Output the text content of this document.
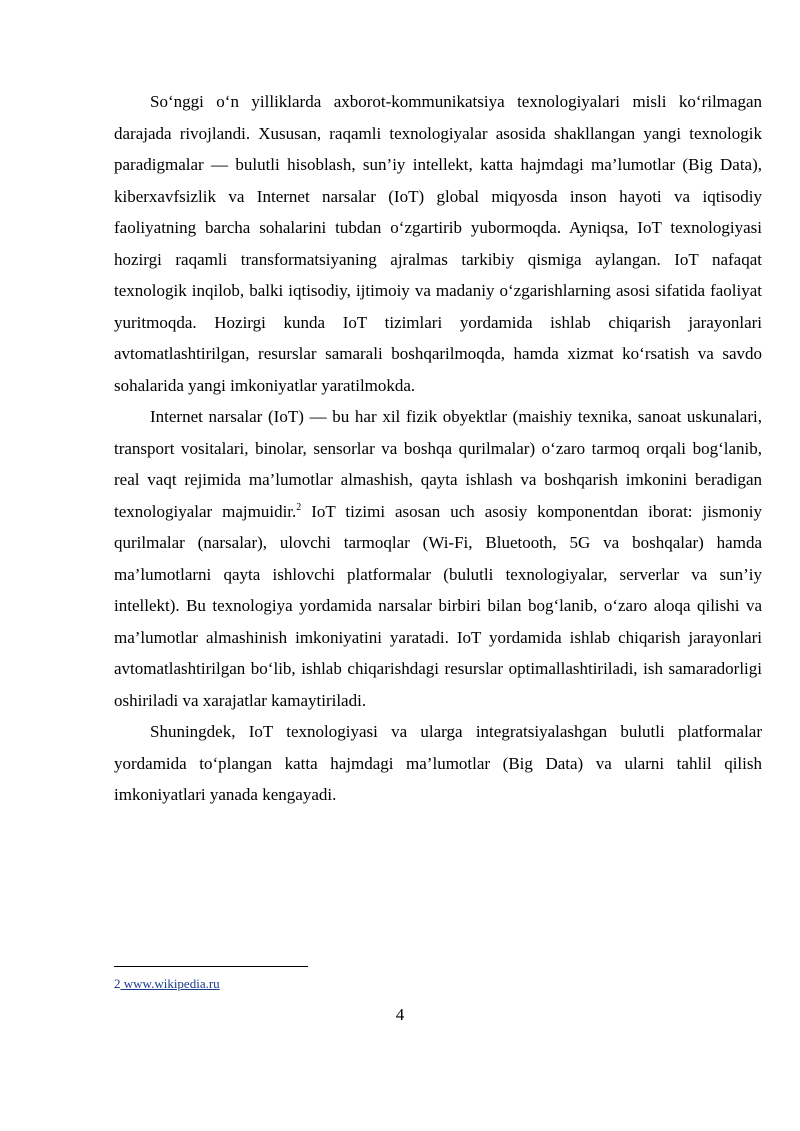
So‘nggi o‘n yilliklarda axborot-kommunikatsiya texnologiyalari misli ko‘rilmagan darajada rivojlandi. Xususan, raqamli texnologiyalar asosida shakllangan yangi texnologik paradigmalar — bulutli hisoblash, sun’iy intellekt, katta hajmdagi ma’lumotlar (Big Data), kiberxavfsizlik va Internet narsalar (IoT) global miqyosda inson hayoti va iqtisodiy faoliyatning barcha sohalarini tubdan o‘zgartirib yubormoqda. Ayniqsa, IoT texnologiyasi hozirgi raqamli transformatsiyaning ajralmas tarkibiy qismiga aylangan. IoT nafaqat texnologik inqilob, balki iqtisodiy, ijtimoiy va madaniy o‘zgarishlarning asosi sifatida faoliyat yuritmoqda. Hozirgi kunda IoT tizimlari yordamida ishlab chiqarish jarayonlari avtomatlashtirilgan, resurslar samarali boshqarilmoqda, hamda xizmat ko‘rsatish va savdo sohalarida yangi imkoniyatlar yaratilmokda.

Internet narsalar (IoT) — bu har xil fizik obyektlar (maishiy texnika, sanoat uskunalari, transport vositalari, binolar, sensorlar va boshqa qurilmalar) o‘zaro tarmoq orqali bog‘lanib, real vaqt rejimida ma’lumotlar almashish, qayta ishlash va boshqarish imkonini beradigan texnologiyalar majmuidir.$^2$ IoT tizimi asosan uch asosiy komponentdan iborat: jismoniy qurilmalar (narsalar), ulovchi tarmoqlar (Wi-Fi, Bluetooth, 5G va boshqalar) hamda ma’lumotlarni qayta ishlovchi platformalar (bulutli texnologiyalar, serverlar va sun’iy intellekt). Bu texnologiya yordamida narsalar birbiri bilan bog‘lanib, o‘zaro aloqa qilishi va ma’lumotlar almashinish imkoniyatini yaratadi. IoT yordamida ishlab chiqarish jarayonlari avtomatlashtirilgan bo‘lib, ishlab chiqarishdagi resurslar optimallashtiriladi, ish samaradorligi oshiriladi va xarajatlar kamaytiriladi.

Shuningdek, IoT texnologiyasi va ularga integratsiyalashgan bulutli platformalar yordamida to‘plangan katta hajmdagi ma’lumotlar (Big Data) va ularni tahlil qilish imkoniyatlari yanada kengayadi.

2 www.wikipedia.ru
4
